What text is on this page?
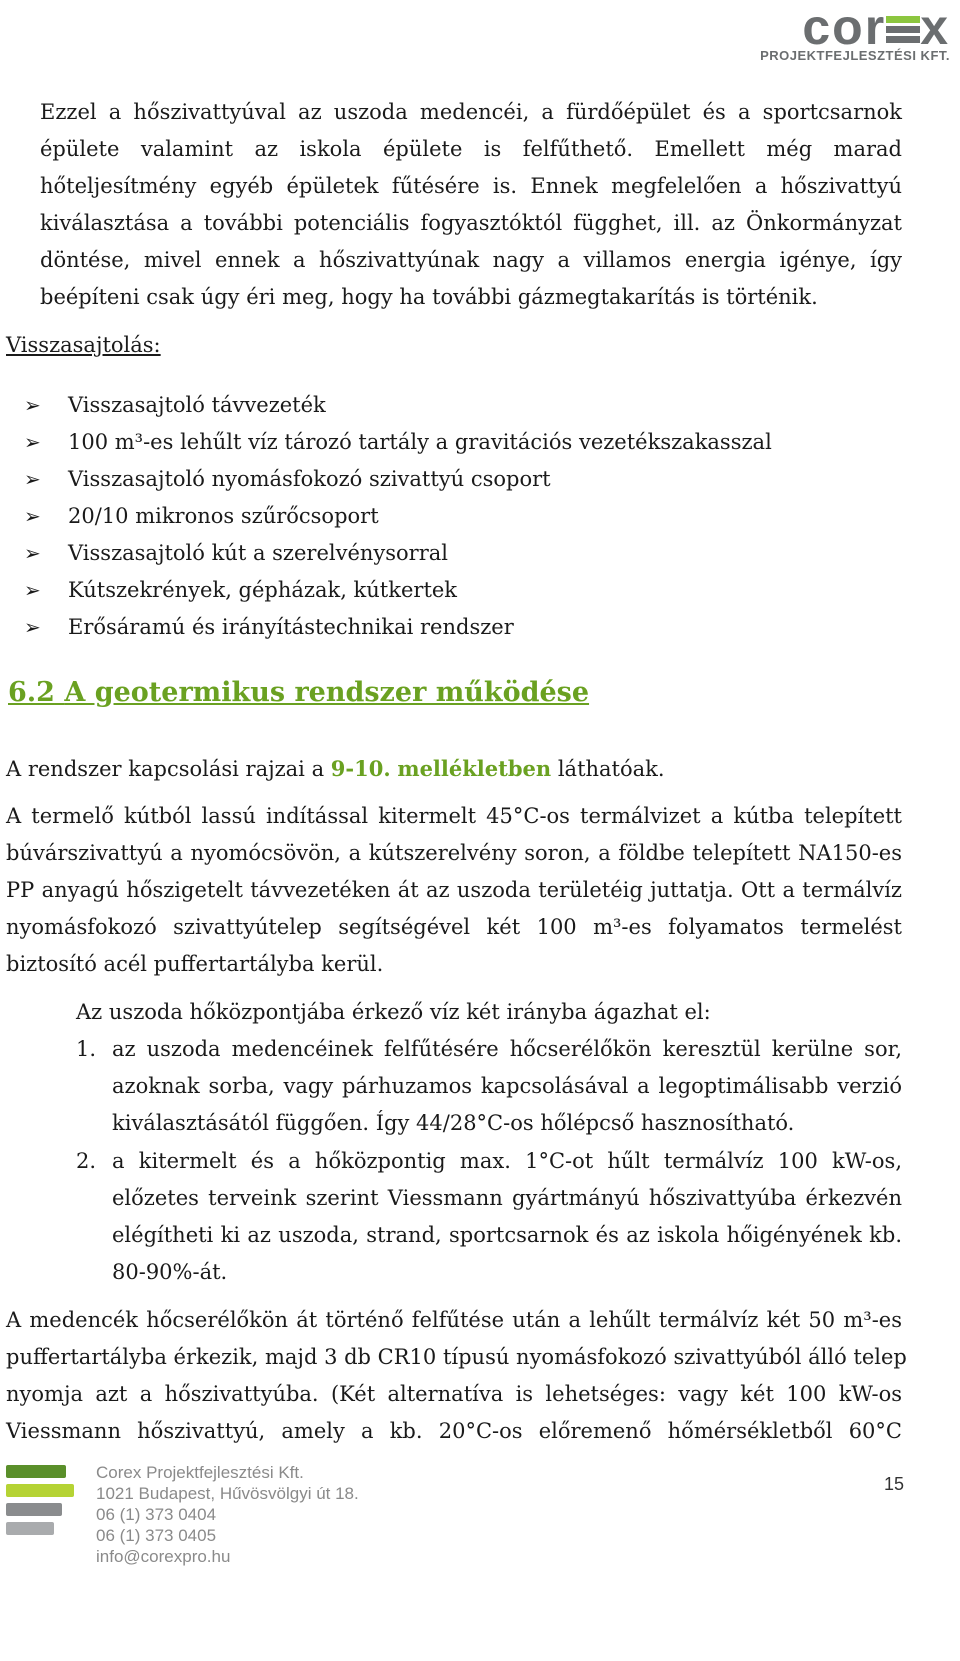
cor x
PROJEKTFEJLESZTÉSI KFT.
Ezzel a hőszivattyúval az uszoda medencéi, a fürdőépület és a sportcsarnok
épülete valamint az iskola épülete is felfűthető. Emellett még marad
hőteljesítmény egyéb épületek fűtésére is. Ennek megfelelően a hőszivattyú
kiválasztása a további potenciális fogyasztóktól függhet, ill. az Önkormányzat
döntése, mivel ennek a hőszivattyúnak nagy a villamos energia igénye, így
beépíteni csak úgy éri meg, hogy ha további gázmegtakarítás is történik.
Visszasajtolás:
➢	Visszasajtoló távvezeték
➢	100 m³-es lehűlt víz tározó tartály a gravitációs vezetékszakasszal
➢	Visszasajtoló nyomásfokozó szivattyú csoport
➢	20/10 mikronos szűrőcsoport
➢	Visszasajtoló kút a szerelvénysorral
➢	Kútszekrények, gépházak, kútkertek
➢	Erősáramú és irányítástechnikai rendszer
6.2 A geotermikus rendszer működése
A rendszer kapcsolási rajzai a 9-10. mellékletben láthatóak.
A termelő kútból lassú indítással kitermelt 45°C-os termálvizet a kútba telepített
búvárszivattyú a nyomócsövön, a kútszerelvény soron, a földbe telepített NA150-es
PP anyagú hőszigetelt távvezetéken át az uszoda területéig juttatja. Ott a termálvíz
nyomásfokozó szivattyútelep segítségével két 100 m³-es folyamatos termelést
biztosító acél puffertartályba kerül.
Az uszoda hőközpontjába érkező víz két irányba ágazhat el:
1. az uszoda medencéinek felfűtésére hőcserélőkön keresztül kerülne sor,
azoknak sorba, vagy párhuzamos kapcsolásával a legoptimálisabb verzió
kiválasztásától függően. Így 44/28°C-os hőlépcső hasznosítható.
2. a kitermelt és a hőközpontig max. 1°C-ot hűlt termálvíz 100 kW-os,
előzetes terveink szerint Viessmann gyártmányú hőszivattyúba érkezvén
elégítheti ki az uszoda, strand, sportcsarnok és az iskola hőigényének kb.
80-90%-át.
A medencék hőcserélőkön át történő felfűtése után a lehűlt termálvíz két 50 m³-es
puffertartályba érkezik, majd 3 db CR10 típusú nyomásfokozó szivattyúból álló telep
nyomja azt a hőszivattyúba. (Két alternatíva is lehetséges: vagy két 100 kW-os
Viessmann hőszivattyú, amely a kb. 20°C-os előremenő hőmérsékletből 60°C
Corex Projektfejlesztési Kft.
1021 Budapest, Hűvösvölgyi út 18.
06 (1) 373 0404
06 (1) 373 0405
info@corexpro.hu
15
